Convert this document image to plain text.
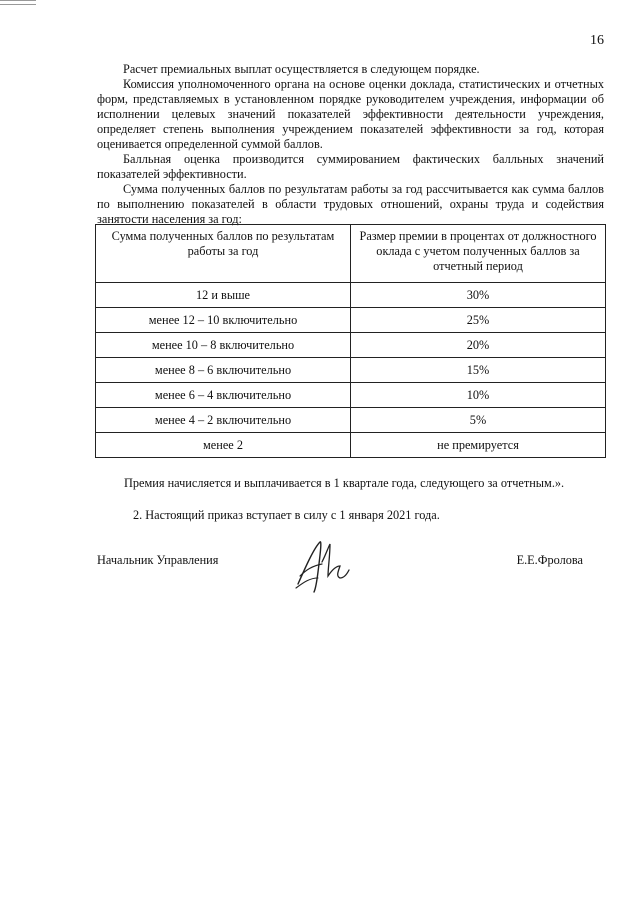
16

Расчет премиальных выплат осуществляется в следующем порядке.

Комиссия уполномоченного органа на основе оценки доклада, статистических и отчетных форм, представляемых в установленном порядке руководителем учреждения, информации об исполнении целевых значений показателей эффективности деятельности учреждения, определяет степень выполнения учреждением показателей эффективности за год, которая оценивается определенной суммой баллов.

Балльная оценка производится суммированием фактических балльных значений показателей эффективности.

Сумма полученных баллов по результатам работы за год рассчитывается как сумма баллов по выполнению показателей в области трудовых отношений, охраны труда и содействия занятости населения за год:

Сумма полученных баллов по результатам работы за год	Размер премии в процентах от должностного оклада с учетом полученных баллов за отчетный период
12 и выше	30%
менее 12 – 10 включительно	25%
менее 10 – 8 включительно	20%
менее 8 – 6 включительно	15%
менее 6 – 4 включительно	10%
менее 4 – 2 включительно	5%
менее 2	не премируется
Премия начисляется и выплачивается в 1 квартале года, следующего за отчетным.».
2. Настоящий приказ вступает в силу с 1 января 2021 года.
Начальник Управления	Е.Е.Фролова
